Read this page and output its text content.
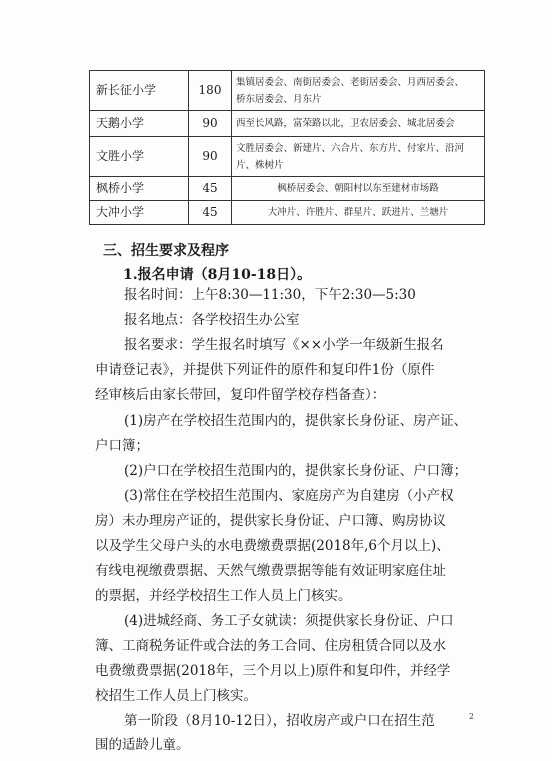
新长征小学	180	集镇居委会、南街居委会、老街居委会、月西居委会、
桥东居委会、月东片

天鹅小学	90	西至长风路，富荣路以北，卫农居委会、城北居委会

文胜小学	90	文胜居委会、新建片、六合片、东方片、付家片、沿河
片、株树片

枫桥小学	45	枫桥居委会、朝阳村以东至建材市场路

大冲小学	45	大冲片、许胜片、群星片、跃进片、兰塘片
三、招生要求及程序
1.报名申请（8月10-18日）。
报名时间：上午8:30—11:30，下午2:30—5:30
报名地点：各学校招生办公室
报名要求：学生报名时填写《××小学一年级新生报名
申请登记表》，并提供下列证件的原件和复印件1份（原件
经审核后由家长带回，复印件留学校存档备查）：
(1)房产在学校招生范围内的，提供家长身份证、房产证、
户口簿；
(2)户口在学校招生范围内的，提供家长身份证、户口簿；
(3)常住在学校招生范围内、家庭房产为自建房（小产权
房）未办理房产证的，提供家长身份证、户口簿、购房协议
以及学生父母户头的水电费缴费票据(2018年,6个月以上)、
有线电视缴费票据、天然气缴费票据等能有效证明家庭住址
的票据，并经学校招生工作人员上门核实。
(4)进城经商、务工子女就读：须提供家长身份证、户口
簿、工商税务证件或合法的务工合同、住房租赁合同以及水
电费缴费票据(2018年，三个月以上)原件和复印件，并经学
校招生工作人员上门核实。
第一阶段（8月10-12日），招收房产或户口在招生范
围的适龄儿童。
2
